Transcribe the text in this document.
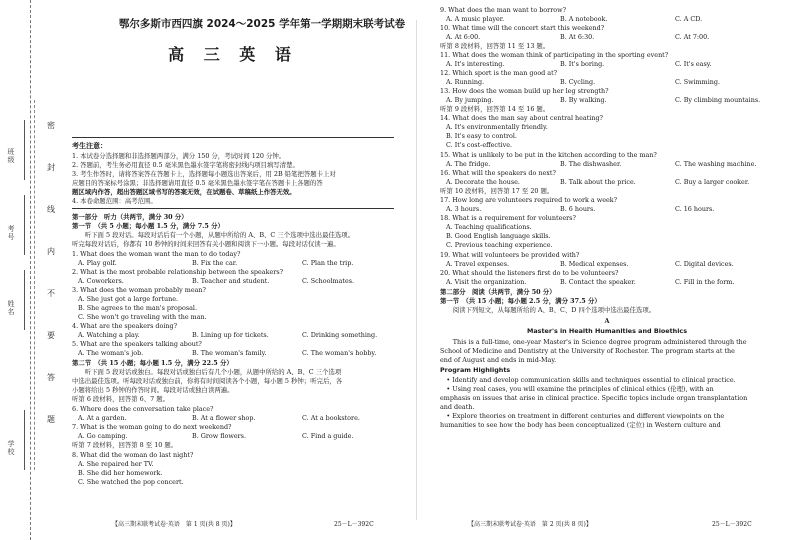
班级
考号
姓名
学校
密
封
线
内
不
要
答
题
鄂尔多斯市西四旗 2024～2025 学年第一学期期末联考试卷
高 三 英 语
考生注意：
1. 本试卷分选择题和非选择题两部分，满分 150 分，考试时间 120 分钟。
2. 答题前，考生务必用直径 0.5 毫米黑色墨水签字笔将密封线内项目填写清楚。
3. 考生作答时，请将答案答在答题卡上，选择题每小题选出答案后，用 2B 铅笔把答题卡上对
应题目的答案标号涂黑；非选择题请用直径 0.5 毫米黑色墨水签字笔在答题卡上各题的答
题区域内作答，超出答题区域书写的答案无效，在试题卷、草稿纸上作答无效。
4. 本卷命题范围：高考范围。
第一部分　听力（共两节，满分 30 分）
第一节　（共 5 小题；每小题 1.5 分，满分 7.5 分）
　　听下面 5 段对话。每段对话后有一个小题，从题中所给的 A、B、C 三个选项中选出最佳选项。
听完每段对话后，你都有 10 秒钟的时间来回答有关小题和阅读下一小题。每段对话仅读一遍。
1. What does the woman want the man to do today?
A. Play golf.	B. Fix the car.	C. Plan the trip.
2. What is the most probable relationship between the speakers?
A. Coworkers.	B. Teacher and student.	C. Schoolmates.
3. What does the woman probably mean?
A. She just got a large fortune.
B. She agrees to the man's proposal.
C. She won't go traveling with the man.
4. What are the speakers doing?
A. Watching a play.	B. Lining up for tickets.	C. Drinking something.
5. What are the speakers talking about?
A. The woman's job.	B. The woman's family.	C. The woman's hobby.
第二节　（共 15 小题；每小题 1.5 分，满分 22.5 分）
　　听下面 5 段对话或独白。每段对话或独白后有几个小题，从题中所给的 A、B、C 三个选项
中选出最佳选项。听每段对话或独白前，你将有时间阅读各个小题，每小题 5 秒钟；听完后，各
小题将给出 5 秒钟的作答时间。每段对话或独白读两遍。
听第 6 段材料，回答第 6、7 题。
6. Where does the conversation take place?
A. At a garden.	B. At a flower shop.	C. At a bookstore.
7. What is the woman going to do next weekend?
A. Go camping.	B. Grow flowers.	C. Find a guide.
听第 7 段材料，回答第 8 至 10 题。
8. What did the woman do last night?
A. She repaired her TV.
B. She did her homework.
C. She watched the pop concert.
【高三期末联考试卷·英语　第 1 页(共 8 页)】	25－L－392C
9. What does the man want to borrow?
A. A music player.	B. A notebook.	C. A CD.
10. What time will the concert start this weekend?
A. At 6:00.	B. At 6:30.	C. At 7:00.
听第 8 段材料，回答第 11 至 13 题。
11. What does the woman think of participating in the sporting event?
A. It's interesting.	B. It's boring.	C. It's easy.
12. Which sport is the man good at?
A. Running.	B. Cycling.	C. Swimming.
13. How does the woman build up her leg strength?
A. By jumping.	B. By walking.	C. By climbing mountains.
听第 9 段材料，回答第 14 至 16 题。
14. What does the man say about central heating?
A. It's environmentally friendly.
B. It's easy to control.
C. It's cost-effective.
15. What is unlikely to be put in the kitchen according to the man?
A. The fridge.	B. The dishwasher.	C. The washing machine.
16. What will the speakers do next?
A. Decorate the house.	B. Talk about the price.	C. Buy a larger cooker.
听第 10 段材料，回答第 17 至 20 题。
17. How long are volunteers required to work a week?
A. 3 hours.	B. 6 hours.	C. 16 hours.
18. What is a requirement for volunteers?
A. Teaching qualifications.
B. Good English language skills.
C. Previous teaching experience.
19. What will volunteers be provided with?
A. Travel expenses.	B. Medical expenses.	C. Digital devices.
20. What should the listeners first do to be volunteers?
A. Visit the organization.	B. Contact the speaker.	C. Fill in the form.
第二部分　阅读（共两节，满分 50 分）
第一节　（共 15 小题；每小题 2.5 分，满分 37.5 分）
　　阅读下列短文，从每题所给的 A、B、C、D 四个选项中选出最佳选项。
A
Master's in Health Humanities and Bioethics
　　This is a full-time, one-year Master's in Science degree program administered through the
School of Medicine and Dentistry at the University of Rochester. The program starts at the
end of August and ends in mid-May.
Program Highlights
　• Identify and develop communication skills and techniques essential to clinical practice.
　• Using real cases, you will examine the principles of clinical ethics (伦理), with an
emphasis on issues that arise in clinical practice. Specific topics include organ transplantation
and death.
　• Explore theories on treatment in different centuries and different viewpoints on the
humanities to see how the body has been conceptualized (定位) in Western culture and
【高三期末联考试卷·英语　第 2 页(共 8 页)】	25－L－392C
